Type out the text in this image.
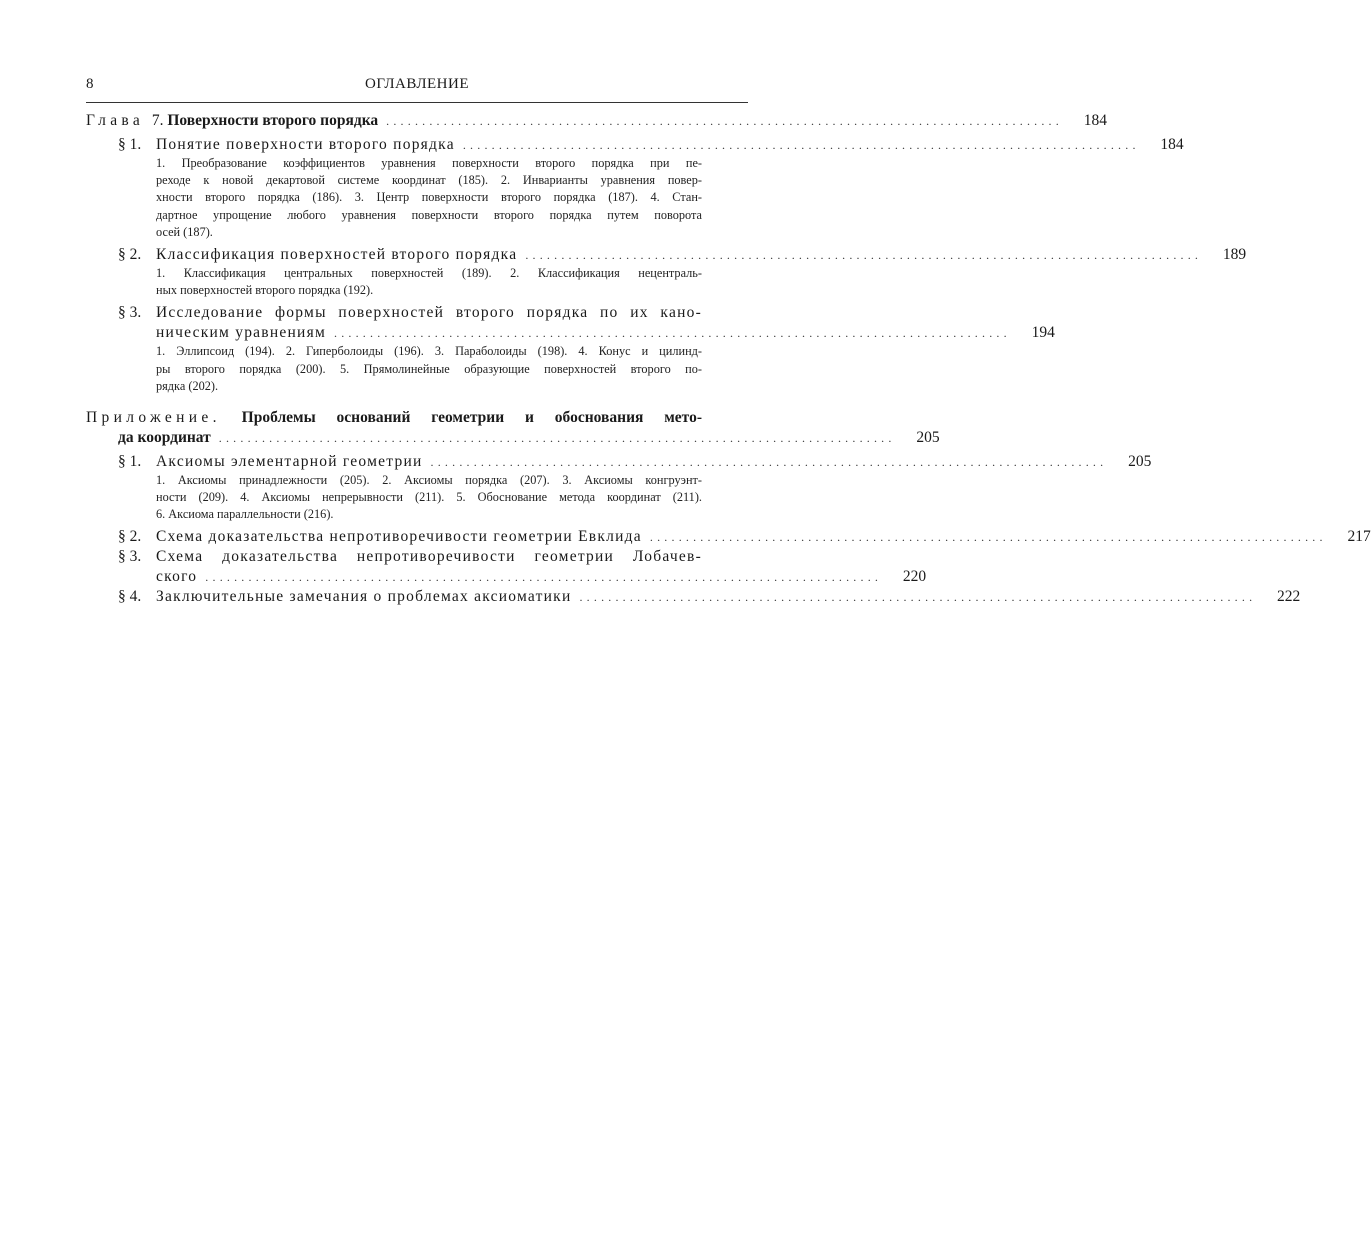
8	ОГЛАВЛЕНИЕ
Глава 7. Поверхности второго порядка ..............................................................................................	184
§ 1. Понятие поверхности второго порядка ..............................................................................................	184
1. Преобразование коэффициентов уравнения поверхности второго порядка при пе-
реходе к новой декартовой системе координат (185). 2. Инварианты уравнения повер-
хности второго порядка (186). 3. Центр поверхности второго порядка (187). 4. Стан-
дартное упрощение любого уравнения поверхности второго порядка путем поворота
осей (187).
§ 2. Классификация поверхностей второго порядка ..............................................................................................	189
1. Классификация центральных поверхностей (189). 2. Классификация нецентраль-
ных поверхностей второго порядка (192).
§ 3. Исследование формы поверхностей второго порядка по их кано-
ническим уравнениям ..............................................................................................	194
1. Эллипсоид (194). 2. Гиперболоиды (196). 3. Параболоиды (198). 4. Конус и цилинд-
ры второго порядка (200). 5. Прямолинейные образующие поверхностей второго по-
рядка (202).
Приложение. Проблемы оснований геометрии и обоснования мето-
да координат ..............................................................................................	205
§ 1. Аксиомы элементарной геометрии ..............................................................................................	205
1. Аксиомы принадлежности (205). 2. Аксиомы порядка (207). 3. Аксиомы конгруэнт-
ности (209). 4. Аксиомы непрерывности (211). 5. Обоснование метода координат (211).
6. Аксиома параллельности (216).
§ 2. Схема доказательства непротиворечивости геометрии Евклида ..............................................................................................	217
§ 3. Схема доказательства непротиворечивости геометрии Лобачев-
ского ..............................................................................................	220
§ 4. Заключительные замечания о проблемах аксиоматики ..............................................................................................	222
